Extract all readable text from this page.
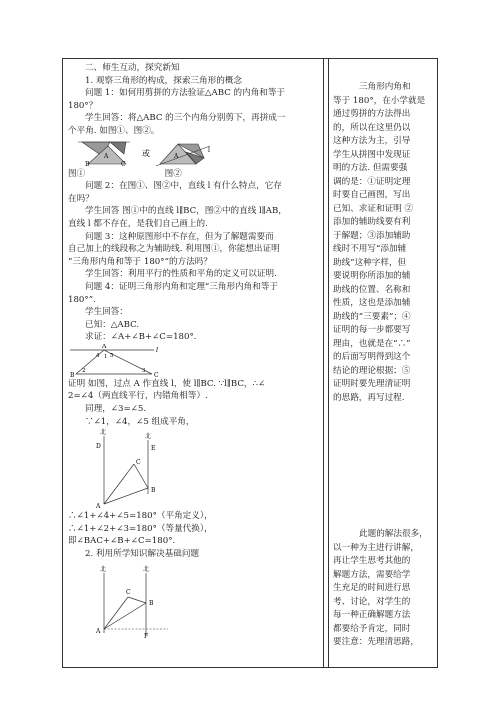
二、师生互动，探究新知

1. 观察三角形的构成，探索三角形的概念

问题 1：如何用剪拼的方法验证△ABC 的内角和等于

180°？

学生回答：将△ABC 的三个内角分别剪下，再拼成一

个平角. 如图①、图②。

A
B	C
或	A
l

图①	图②

问题 2：在图①、图②中，直线 l 有什么特点，它存

在吗？

学生回答 图①中的直线 l∥BC，图②中的直线 l∥AB，

直线 l 都不存在，是我们自己画上的.

问题 3：这种原图形中不存在，但为了解题需要而

自己加上的线段称之为辅助线. 利用图①，你能想出证明

“三角形内角和等于 180°”的方法吗？

学生回答：利用平行的性质和平角的定义可以证明.

问题 4：证明三角形内角和定理“三角形内角和等于

180°”.

学生回答：

已知：△ABC.

求证：∠A+∠B+∠C=180°.

l
A
B	C
4 1 5
2	3

证明 如图，过点 A 作直线 l，使 l∥BC. ∵l∥BC，∴∠

2=∠4（两直线平行，内错角相等）.

同理，∠3=∠5.

∵∠1，∠4，∠5 组成平角，

北
北
D	E
C
B
A

∴∠1+∠4+∠5=180°（平角定义），

∴∠1+∠2+∠3=180°（等量代换），

即∠BAC+∠B+∠C=180°.

2. 利用所学知识解决基础问题

北	北
C
B
A
F

三角形内角和

等于 180°，在小学就是

通过剪拼的方法得出

的，所以在这里仍以

这种方法为主，引导

学生从拼图中发现证

明的方法. 但需要强

调的是：①证明定理

时要自己画图，写出

已知、求证和证明 ②

添加的辅助线要有利

于解题；③添加辅助

线时不用写“添加辅

助线”这种字样，但

要说明你所添加的辅

助线的位置、名称和

性质，这也是添加辅

助线的“三要素”；④

证明的每一步都要写

理由，也就是在“∴”

的后面写明得到这个

结论的理论根据；⑤

证明时要先理清证明

的思路，再写过程.

此题的解法很多，

以一种为主进行讲解，

再让学生思考其他的

解题方法，需要给学

生充足的时间进行思

考、讨论，对学生的

每一种正确解题方法

都要给予肯定，同时

要注意：先理清思路，
